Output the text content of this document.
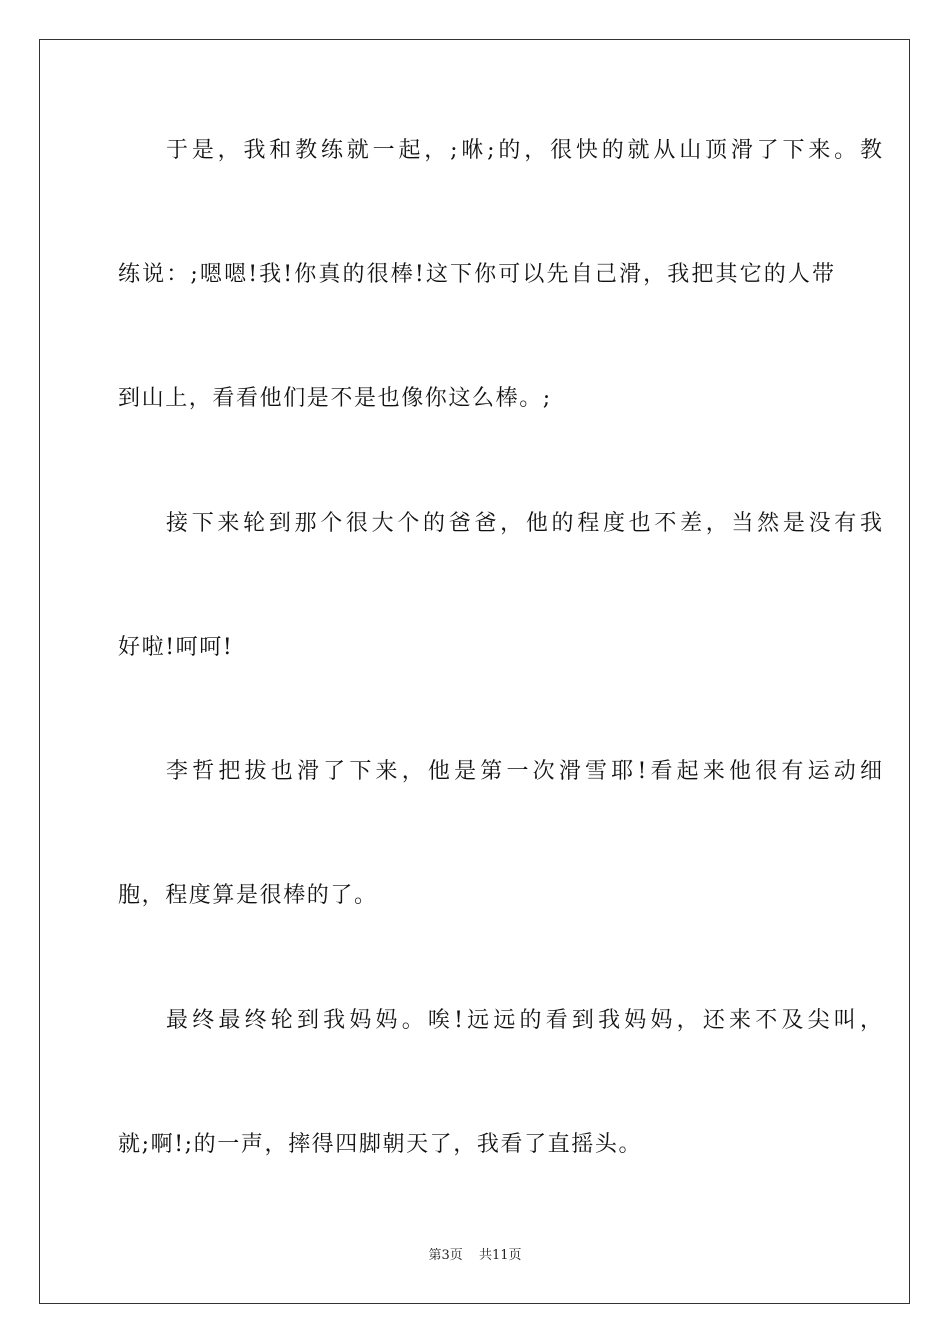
于是，我和教练就一起，;咻;的，很快的就从山顶滑了下来。教
练说：;嗯嗯!我!你真的很棒!这下你可以先自己滑，我把其它的人带
到山上，看看他们是不是也像你这么棒。;
接下来轮到那个很大个的爸爸，他的程度也不差，当然是没有我
好啦!呵呵!
李哲把拔也滑了下来，他是第一次滑雪耶!看起来他很有运动细
胞，程度算是很棒的了。
最终最终轮到我妈妈。唉!远远的看到我妈妈，还来不及尖叫，
就;啊!;的一声，摔得四脚朝天了，我看了直摇头。
第3页 共11页
